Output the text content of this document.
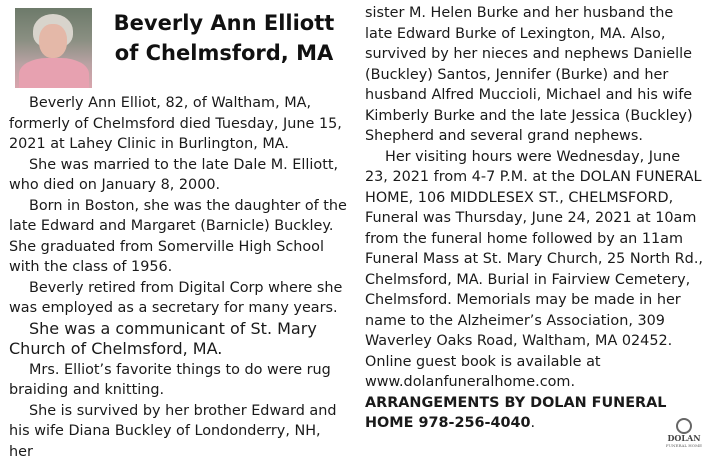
Beverly Ann Elliott
of Chelmsford, MA

Beverly Ann Elliot, 82, of Waltham, MA, formerly of Chelmsford died Tuesday, June 15, 2021 at Lahey Clinic in Burlington, MA.

She was married to the late Dale M. Elliott, who died on January 8, 2000.

Born in Boston, she was the daughter of the late Edward and Margaret (Barnicle) Buckley. She graduated from Somerville High School with the class of 1956.

Beverly retired from Digital Corp where she was employed as a secretary for many years.

She was a communicant of St. Mary Church of Chelmsford, MA.

Mrs. Elliot’s favorite things to do were rug braiding and knitting.

She is survived by her brother Edward and his wife Diana Buckley of Londonderry, NH, her

sister M. Helen Burke and her husband the late Edward Burke of Lexington, MA. Also, survived by her nieces and nephews Danielle (Buckley) Santos, Jennifer (Burke) and her husband Alfred Muccioli, Michael and his wife Kimberly Burke and the late Jessica (Buckley) Shepherd and several grand nephews.

Her visiting hours were Wednesday, June 23, 2021 from 4-7 P.M. at the DOLAN FUNERAL HOME, 106 MIDDLESEX ST., CHELMSFORD, Funeral was Thursday, June 24, 2021 at 10am from the funeral home followed by an 11am Funeral Mass at St. Mary Church, 25 North Rd., Chelmsford, MA. Burial in Fairview Cemetery, Chelmsford. Memorials may be made in her name to the Alzheimer’s Association, 309 Waverley Oaks Road, Waltham, MA 02452. Online guest book is available at www.dolanfuneralhome.com. ARRANGEMENTS BY DOLAN FUNERAL HOME 978-256-4040.

DOLAN
FUNERAL HOME
